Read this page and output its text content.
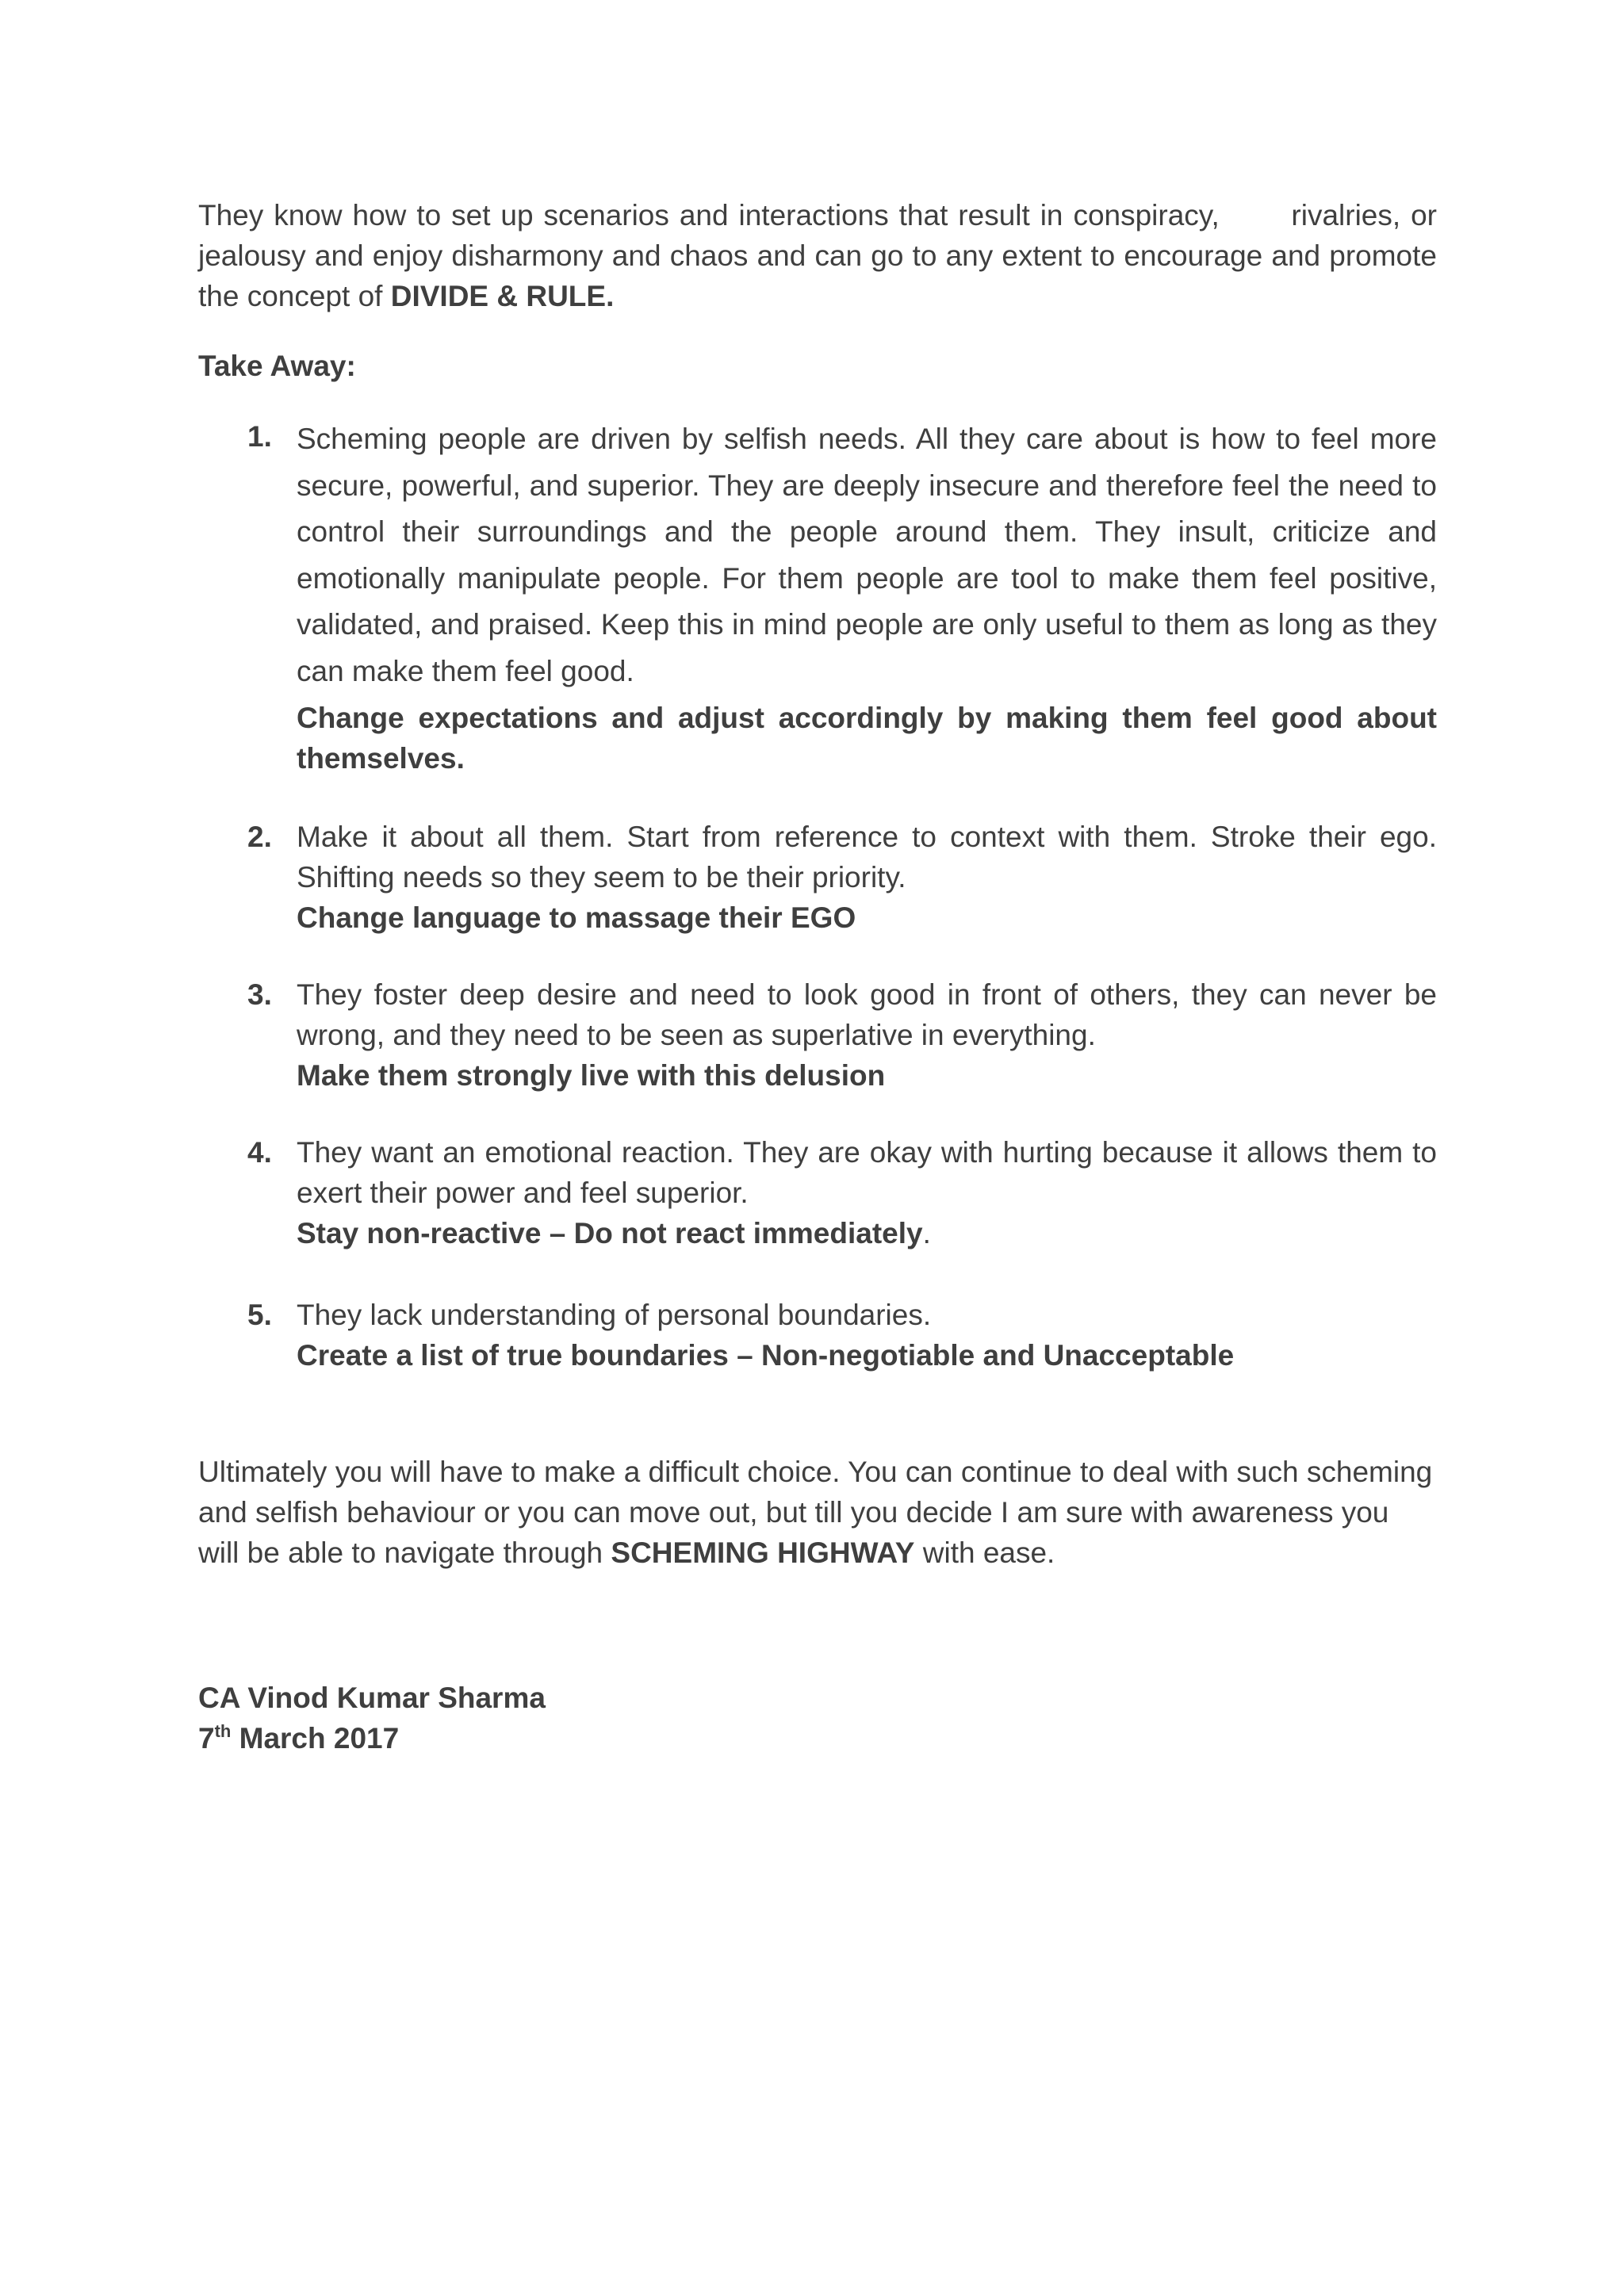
They know how to set up scenarios and interactions that result in conspiracy,       rivalries, or jealousy and enjoy disharmony and chaos and can go to any extent to encourage and promote the concept of DIVIDE & RULE.

Take Away:

1. Scheming people are driven by selfish needs. All they care about is how to feel more secure, powerful, and superior. They are deeply insecure and therefore feel the need to control their surroundings and the people around them. They insult, criticize and emotionally manipulate people. For them people are tool to make them feel positive, validated, and praised. Keep this in mind people are only useful to them as long as they can make them feel good.

Change expectations and adjust accordingly by making them feel good about themselves.

2. Make it about all them. Start from reference to context with them. Stroke their ego. Shifting needs so they seem to be their priority.

Change language to massage their EGO

3. They foster deep desire and need to look good in front of others, they can never be wrong, and they need to be seen as superlative in everything.

Make them strongly live with this delusion

4. They want an emotional reaction. They are okay with hurting because it allows them to exert their power and feel superior.

Stay non-reactive – Do not react immediately.

5. They lack understanding of personal boundaries.

Create a list of true boundaries – Non-negotiable and Unacceptable

Ultimately you will have to make a difficult choice. You can continue to deal with such scheming and selfish behaviour or you can move out, but till you decide I am sure with awareness you will be able to navigate through SCHEMING HIGHWAY with ease.

CA Vinod Kumar Sharma
7th March 2017
